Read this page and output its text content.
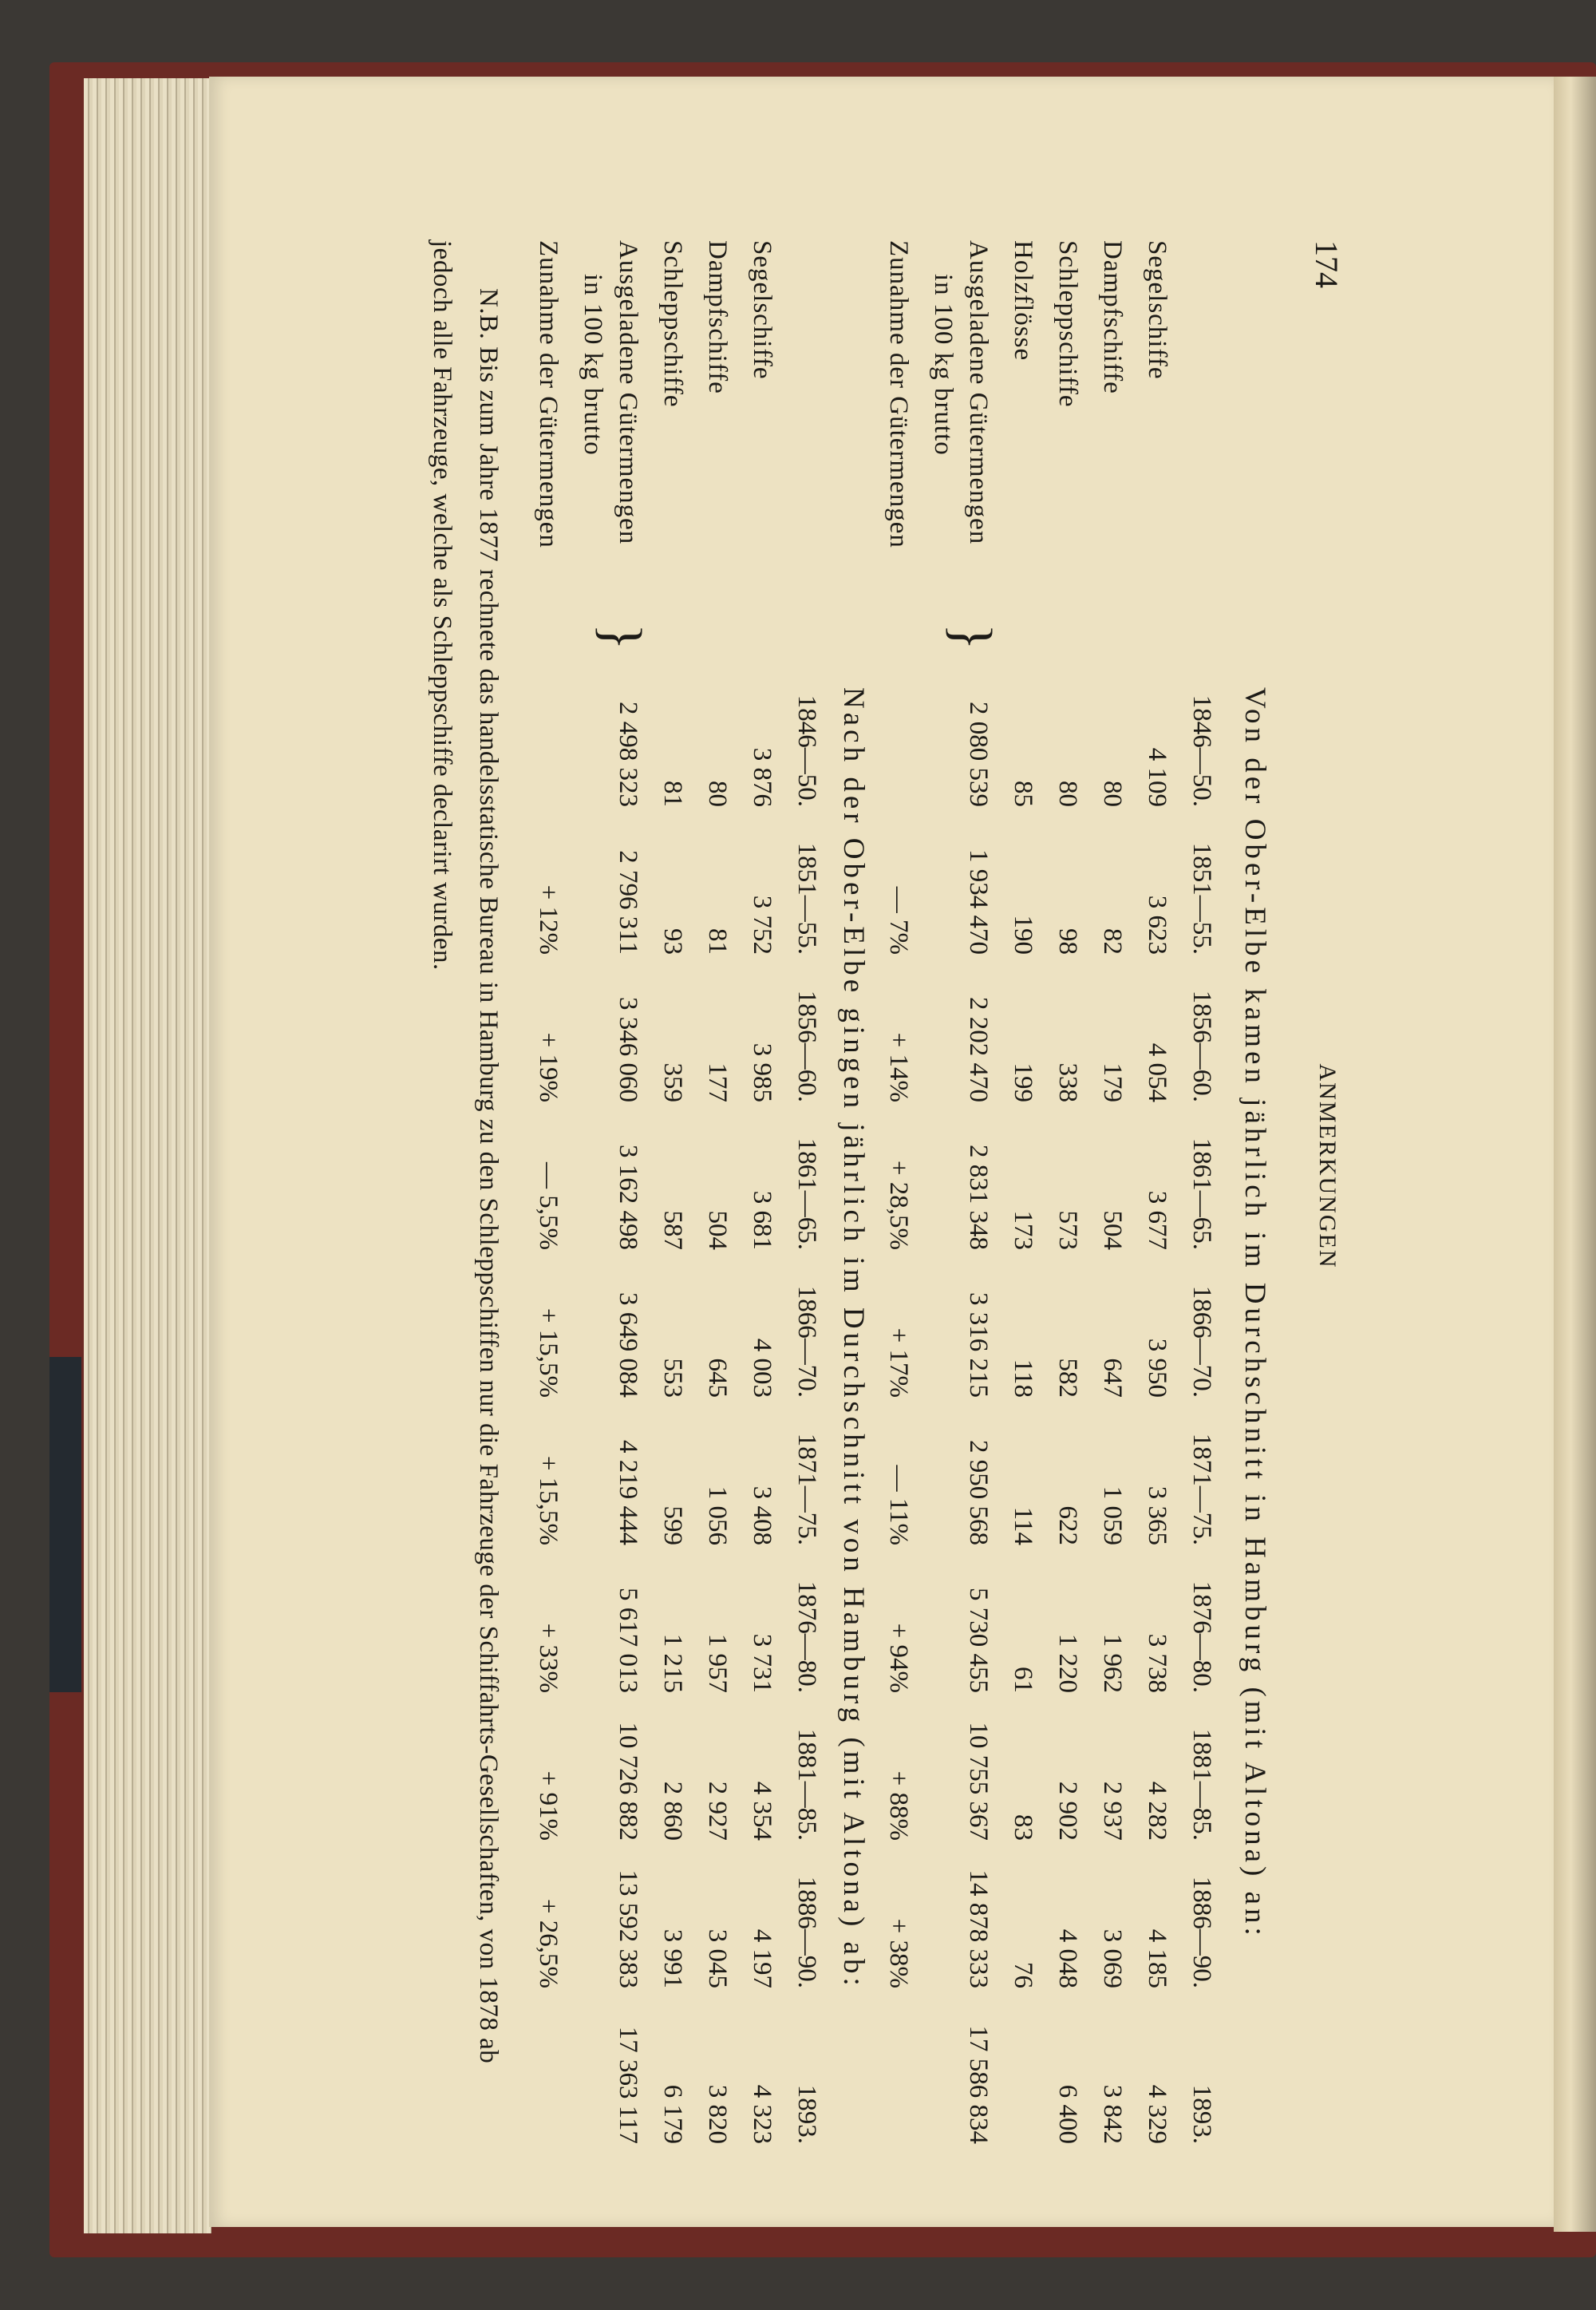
174
ANMERKUNGEN
Von der Ober-Elbe kamen jährlich im Durchschnitt in Hamburg (mit Altona) an:
1846—50.
1851—55.
1856—60.
1861—65.
1866—70.
1871—75.
1876—80.
1881—85.
1886—90.
1893.
Segelschiffe
4 109
3 623
4 054
3 677
3 950
3 365
3 738
4 282
4 185
4 329
Dampfschiffe
80
82
179
504
647
1 059
1 962
2 937
3 069
3 842
Schleppschiffe
80
98
338
573
582
622
1 220
2 902
4 048
6 400
Holzflösse
85
190
199
173
118
114
61
83
76
Ausgeladene Gütermengen
in 100 kg brutto
}
2 080 539
1 934 470
2 202 470
2 831 348
3 316 215
2 950 568
5 730 455
10 755 367
14 878 333
17 586 834
Zunahme der Gütermengen
— 7%
+ 14%
+ 28,5%
+ 17%
— 11%
+ 94%
+ 88%
+ 38%
Nach der Ober-Elbe gingen jährlich im Durchschnitt von Hamburg (mit Altona) ab:
1846—50.
1851—55.
1856—60.
1861—65.
1866—70.
1871—75.
1876—80.
1881—85.
1886—90.
1893.
Segelschiffe
3 876
3 752
3 985
3 681
4 003
3 408
3 731
4 354
4 197
4 323
Dampfschiffe
80
81
177
504
645
1 056
1 957
2 927
3 045
3 820
Schleppschiffe
81
93
359
587
553
599
1 215
2 860
3 991
6 179
Ausgeladene Gütermengen
in 100 kg brutto
}
2 498 323
2 796 311
3 346 060
3 162 498
3 649 084
4 219 444
5 617 013
10 726 882
13 592 383
17 363 117
Zunahme der Gütermengen
+ 12%
+ 19%
— 5,5%
+ 15,5%
+ 15,5%
+ 33%
+ 91%
+ 26,5%
N.B. Bis zum Jahre 1877 rechnete das handelsstatische Bureau in Hamburg zu den Schleppschiffen nur die Fahrzeuge der Schiffahrts-Gesellschaften, von 1878 ab jedoch alle Fahrzeuge, welche als Schleppschiffe declarirt wurden.
